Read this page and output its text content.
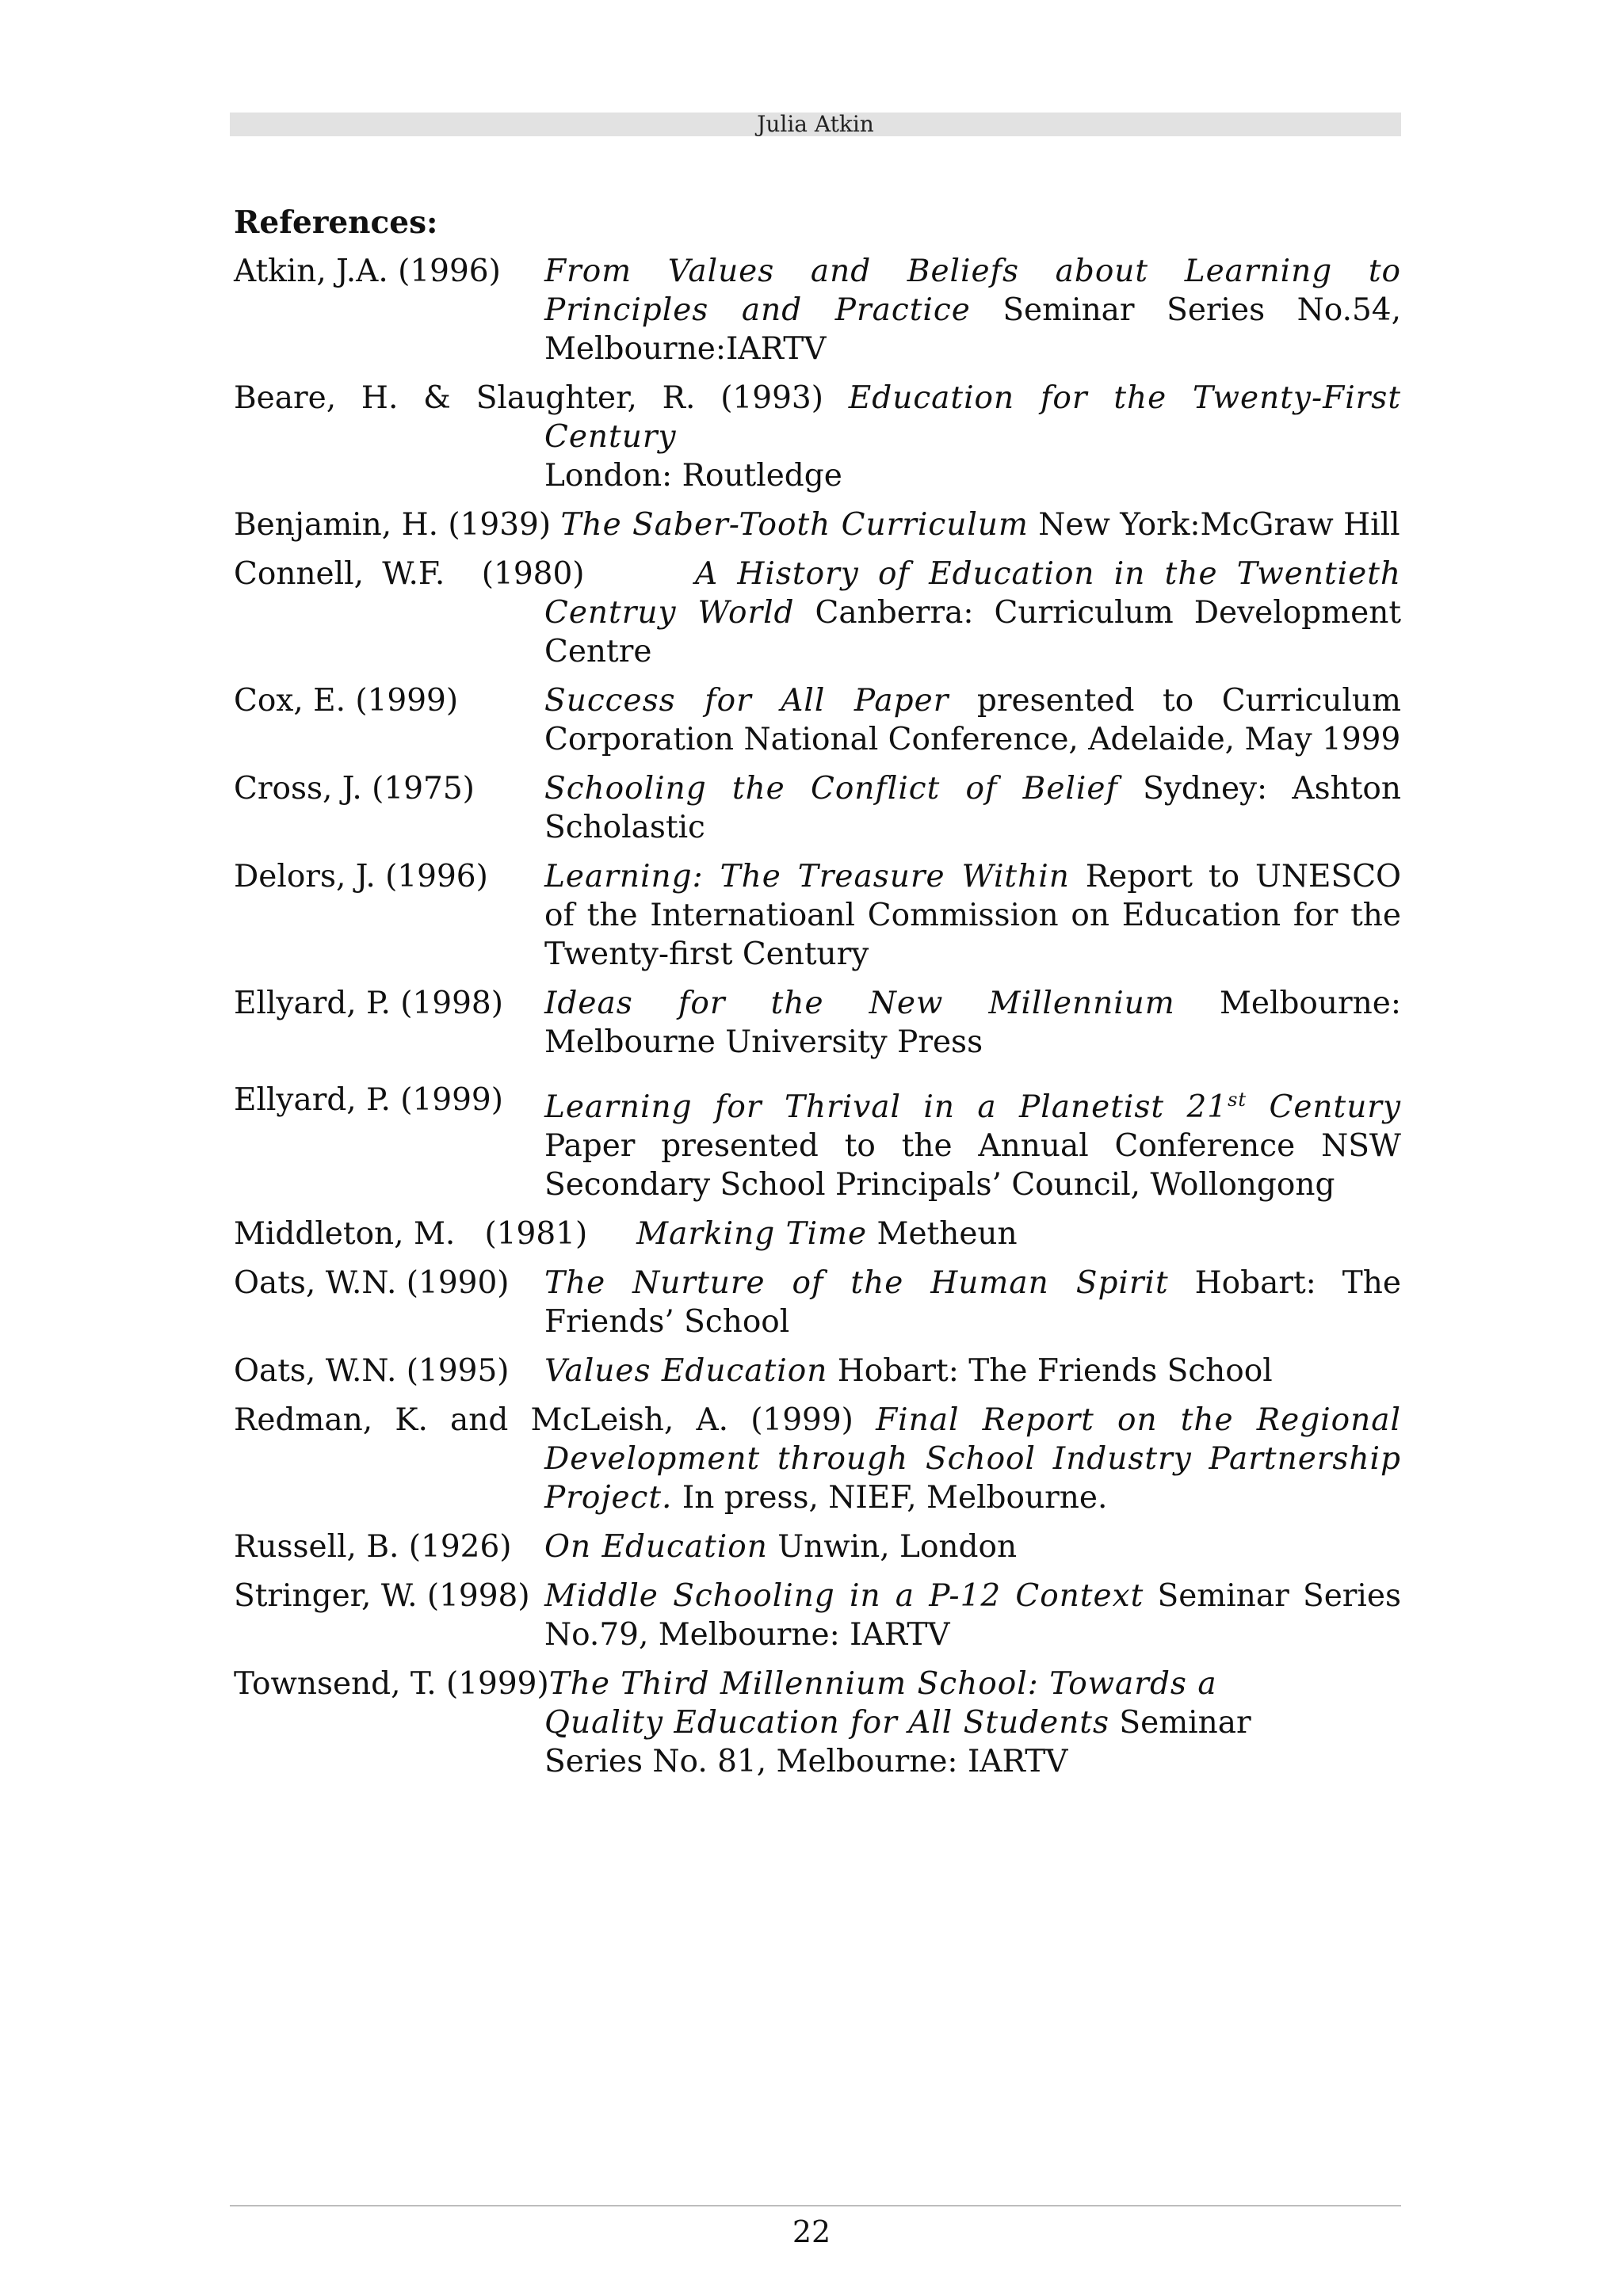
Julia Atkin
References:
Atkin, J.A. (1996) From Values and Beliefs about Learning to Principles and Practice Seminar Series No.54, Melbourne:IARTV
Beare, H. & Slaughter, R. (1993) Education for the Twenty-First Century
London: Routledge
Benjamin, H. (1939) The Saber-Tooth Curriculum New York:McGraw Hill
Connell, W.F.  (1980)      A History of Education in the Twentieth Centruy World Canberra: Curriculum Development Centre
Cox, E. (1999)	Success for All Paper presented to Curriculum Corporation National Conference, Adelaide, May 1999
Cross, J. (1975) Schooling the Conflict of Belief Sydney: Ashton Scholastic
Delors, J. (1996) Learning: The Treasure Within Report to UNESCO of the Internatioanl Commission on Education for the Twenty-first Century
Ellyard, P. (1998) Ideas for the New Millennium Melbourne: Melbourne University Press
Ellyard, P. (1999) Learning for Thrival in a Planetist 21st Century Paper presented to the Annual Conference NSW Secondary School Principals’ Council, Wollongong
Middleton, M.   (1981)     Marking Time Metheun
Oats, W.N. (1990) The Nurture of the Human Spirit Hobart: The Friends’ School
Oats, W.N. (1995) Values Education Hobart: The Friends School
Redman, K. and McLeish, A. (1999) Final Report on the Regional Development through School Industry Partnership Project. In press, NIEF, Melbourne.
Russell, B. (1926) On Education Unwin, London
Stringer, W. (1998) Middle Schooling in a P-12 Context Seminar Series No.79, Melbourne: IARTV
Townsend, T. (1999)The Third Millennium School: Towards a Quality Education for All Students Seminar Series No. 81, Melbourne: IARTV
22
